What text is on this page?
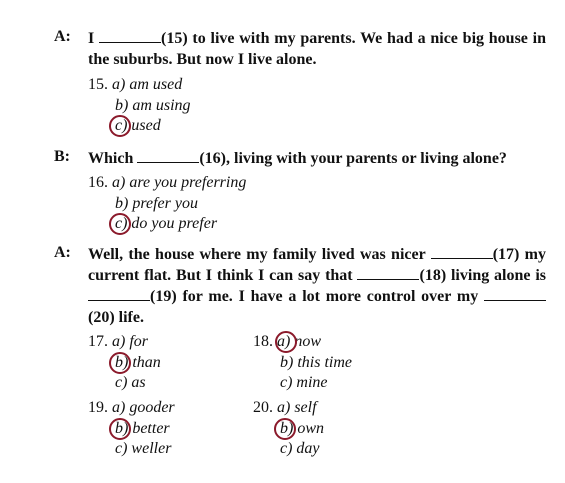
A:	I	(15) to live with my parents. We had a nice big house in the suburbs. But now I live alone.
15. a) am used
b) am using
c) used
B:	Which	(16), living with your parents or living alone?
16. a) are you preferring
b) prefer you
c) do you prefer
A:	Well, the house where my family lived was nicer	(17) my current flat. But I think I can say that	(18) living alone is (19) for me. I have a lot more control over my (20) life.
17. a) for
b) than
c) as
18. a) now
b) this time
c) mine
19. a) gooder
b) better
c) weller
20. a) self
b) own
c) day
